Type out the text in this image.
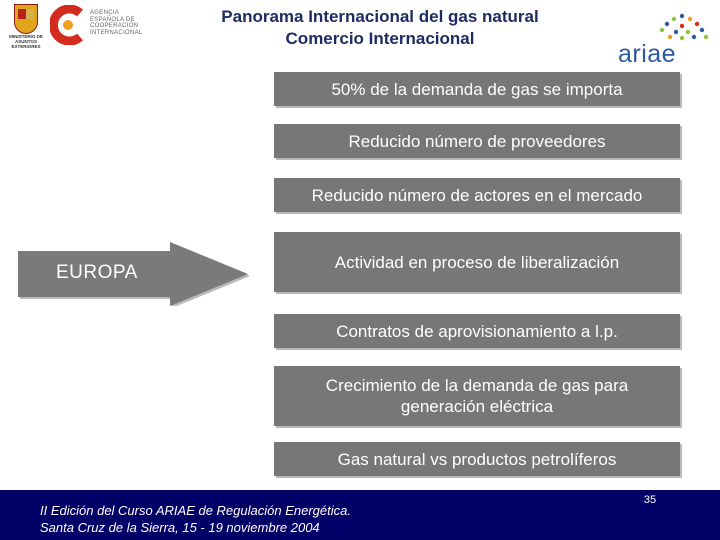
MINISTERIO DE ASUNTOS EXTERIORES
AGENCIA
ESPAÑOLA DE
COOPERACIÓN
INTERNACIONAL
Panorama Internacional del gas natural
Comercio Internacional
ariae
50% de la demanda de gas se importa
Reducido número de proveedores
Reducido número de actores en el mercado
Actividad en proceso de liberalización
Contratos de aprovisionamiento a l.p.
Crecimiento de la demanda de gas para generación eléctrica
Gas natural vs productos petrolíferos
EUROPA
II Edición del Curso ARIAE de Regulación Energética.
Santa Cruz de la Sierra, 15 - 19 noviembre 2004
35
